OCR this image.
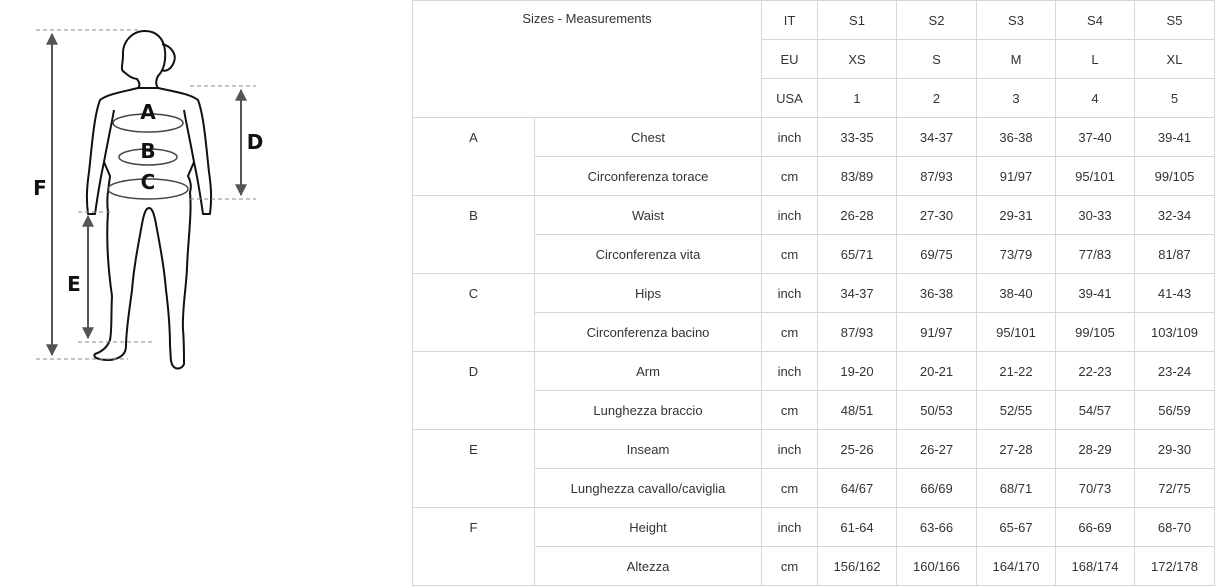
A
B
C
D
E
F
Sizes - Measurements		IT	S1	S2	S3	S4	S5
		EU	XS	S	M	L	XL
		USA	1	2	3	4	5
A	Chest	inch	33-35	34-37	36-38	37-40	39-41
	Circonferenza torace	cm	83/89	87/93	91/97	95/101	99/105
B	Waist	inch	26-28	27-30	29-31	30-33	32-34
	Circonferenza vita	cm	65/71	69/75	73/79	77/83	81/87
C	Hips	inch	34-37	36-38	38-40	39-41	41-43
	Circonferenza bacino	cm	87/93	91/97	95/101	99/105	103/109
D	Arm	inch	19-20	20-21	21-22	22-23	23-24
	Lunghezza braccio	cm	48/51	50/53	52/55	54/57	56/59
E	Inseam	inch	25-26	26-27	27-28	28-29	29-30
	Lunghezza cavallo/caviglia	cm	64/67	66/69	68/71	70/73	72/75
F	Height	inch	61-64	63-66	65-67	66-69	68-70
	Altezza	cm	156/162	160/166	164/170	168/174	172/178
